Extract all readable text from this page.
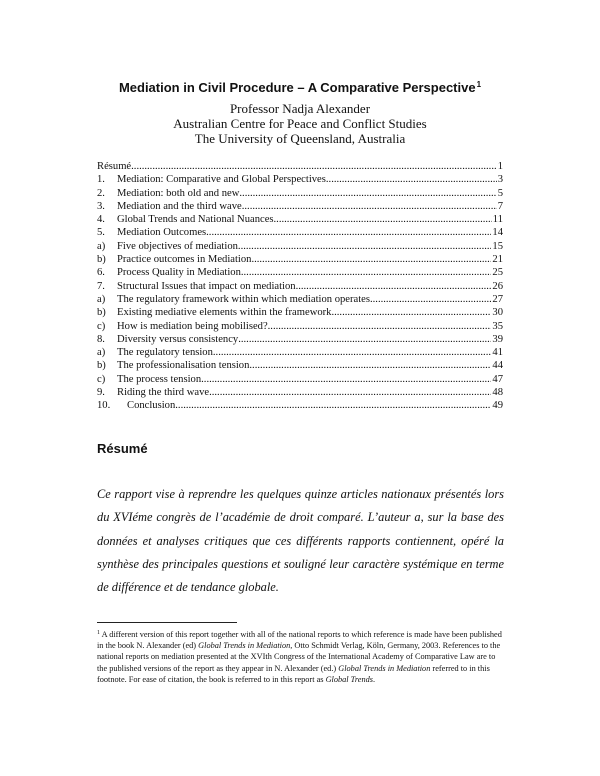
Mediation in Civil Procedure – A Comparative Perspective$^1$
Professor Nadja Alexander
Australian Centre for Peace and Conflict Studies
The University of Queensland, Australia
Résumé .....	1
1.	Mediation: Comparative and Global Perspectives .....	3
2.	Mediation: both old and new .....	5
3.	Mediation and the third wave .....	7
4.	Global Trends and National Nuances .....	11
5.	Mediation Outcomes .....	14
a)	Five objectives of mediation .....	15
b)	Practice outcomes in Mediation .....	21
6.	Process Quality in Mediation .....	25
7.	Structural Issues that impact on mediation. .....	26
a)	The regulatory framework within which mediation operates .....	27
b)	Existing mediative elements within the framework .....	30
c)	How is mediation being mobilised? .....	35
8.	Diversity versus consistency .....	39
a)	The regulatory tension .....	41
b)	The professionalisation tension. .....	44
c)	The process tension .....	47
9.	Riding the third wave .....	48
10.	Conclusion .....	49
Résumé
Ce rapport vise à reprendre les quelques quinze articles nationaux présentés lors du XVIéme congrès de l’académie de droit comparé. L’auteur a, sur la base des données et analyses critiques que ces différents rapports contiennent, opéré la synthèse des principales questions et souligné leur caractère systémique en terme de différence et de tendance globale.
$^1$ A different version of this report together with all of the national reports to which reference is made have been published in the book N. Alexander (ed) Global Trends in Mediation, Otto Schmidt Verlag, Köln, Germany, 2003. References to the national reports on mediation presented at the XVIth Congress of the International Academy of Comparative Law are to the published versions of the report as they appear in N. Alexander (ed.) Global Trends in Mediation referred to in this footnote. For ease of citation, the book is referred to in this report as Global Trends.
